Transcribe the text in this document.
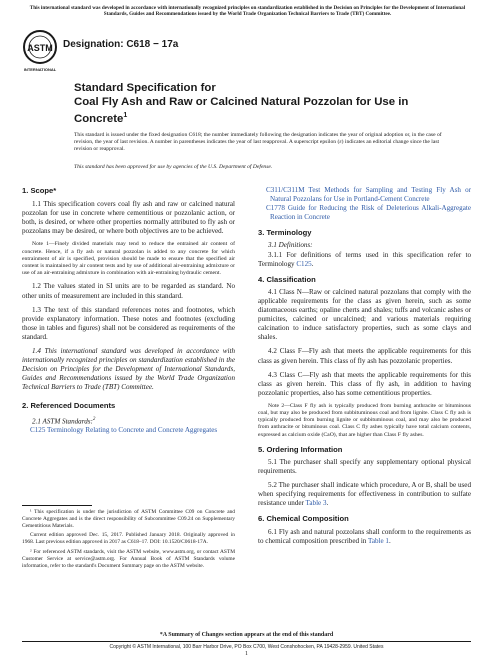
This international standard was developed in accordance with internationally recognized principles on standardization established in the Decision on Principles for the Development of International Standards, Guides and Recommendations issued by the World Trade Organization Technical Barriers to Trade (TBT) Committee.
ASTM
INTERNATIONAL
Designation: C618 − 17a
Standard Specification for
Coal Fly Ash and Raw or Calcined Natural Pozzolan for Use in Concrete$^1$
This standard is issued under the fixed designation C618; the number immediately following the designation indicates the year of original adoption or, in the case of revision, the year of last revision. A number in parentheses indicates the year of last reapproval. A superscript epsilon (ε) indicates an editorial change since the last revision or reapproval.
This standard has been approved for use by agencies of the U.S. Department of Defense.
1. Scope*

1.1 This specification covers coal fly ash and raw or calcined natural pozzolan for use in concrete where cementitious or pozzolanic action, or both, is desired, or where other properties normally attributed to fly ash or pozzolans may be desired, or where both objectives are to be achieved.

Note 1—Finely divided materials may tend to reduce the entrained air content of concrete. Hence, if a fly ash or natural pozzolan is added to any concrete for which entrainment of air is specified, provision should be made to ensure that the specified air content is maintained by air content tests and by use of additional air-entraining admixture or use of an air-entraining admixture in combination with air-entraining hydraulic cement.

1.2 The values stated in SI units are to be regarded as standard. No other units of measurement are included in this standard.

1.3 The text of this standard references notes and footnotes, which provide explanatory information. These notes and footnotes (excluding those in tables and figures) shall not be considered as requirements of the standard.

1.4 This international standard was developed in accordance with internationally recognized principles on standardization established in the Decision on Principles for the Development of International Standards, Guides and Recommendations issued by the World Trade Organization Technical Barriers to Trade (TBT) Committee.

2. Referenced Documents

2.1 ASTM Standards:$^2$

C125 Terminology Relating to Concrete and Concrete Aggregates

¹ This specification is under the jurisdiction of ASTM Committee C09 on Concrete and Concrete Aggregates and is the direct responsibility of Subcommittee C09.24 on Supplementary Cementitious Materials.

Current edition approved Dec. 15, 2017. Published January 2018. Originally approved in 1968. Last previous edition approved in 2017 as C618–17. DOI: 10.1520/C0618-17A.

² For referenced ASTM standards, visit the ASTM website, www.astm.org, or contact ASTM Customer Service at service@astm.org. For Annual Book of ASTM Standards volume information, refer to the standard's Document Summary page on the ASTM website.

C311/C311M Test Methods for Sampling and Testing Fly Ash or Natural Pozzolans for Use in Portland-Cement Concrete

C1778 Guide for Reducing the Risk of Deleterious Alkali-Aggregate Reaction in Concrete

3. Terminology

3.1 Definitions:

3.1.1 For definitions of terms used in this specification refer to Terminology C125.

4. Classification

4.1 Class N—Raw or calcined natural pozzolans that comply with the applicable requirements for the class as given herein, such as some diatomaceous earths; opaline cherts and shales; tuffs and volcanic ashes or pumicites, calcined or uncalcined; and various materials requiring calcination to induce satisfactory properties, such as some clays and shales.

4.2 Class F—Fly ash that meets the applicable requirements for this class as given herein. This class of fly ash has pozzolanic properties.

4.3 Class C—Fly ash that meets the applicable requirements for this class as given herein. This class of fly ash, in addition to having pozzolanic properties, also has some cementitious properties.

Note 2—Class F fly ash is typically produced from burning anthracite or bituminous coal, but may also be produced from subbituminous coal and from lignite. Class C fly ash is typically produced from burning lignite or subbituminous coal, and may also be produced from anthracite or bituminous coal. Class C fly ashes typically have total calcium contents, expressed as calcium oxide (CaO), that are higher than Class F fly ashes.

5. Ordering Information

5.1 The purchaser shall specify any supplementary optional physical requirements.

5.2 The purchaser shall indicate which procedure, A or B, shall be used when specifying requirements for effectiveness in contribution to sulfate resistance under Table 3.

6. Chemical Composition

6.1 Fly ash and natural pozzolans shall conform to the requirements as to chemical composition prescribed in Table 1.

*A Summary of Changes section appears at the end of this standard
Copyright © ASTM International, 100 Barr Harbor Drive, PO Box C700, West Conshohocken, PA 19428-2959. United States
1
